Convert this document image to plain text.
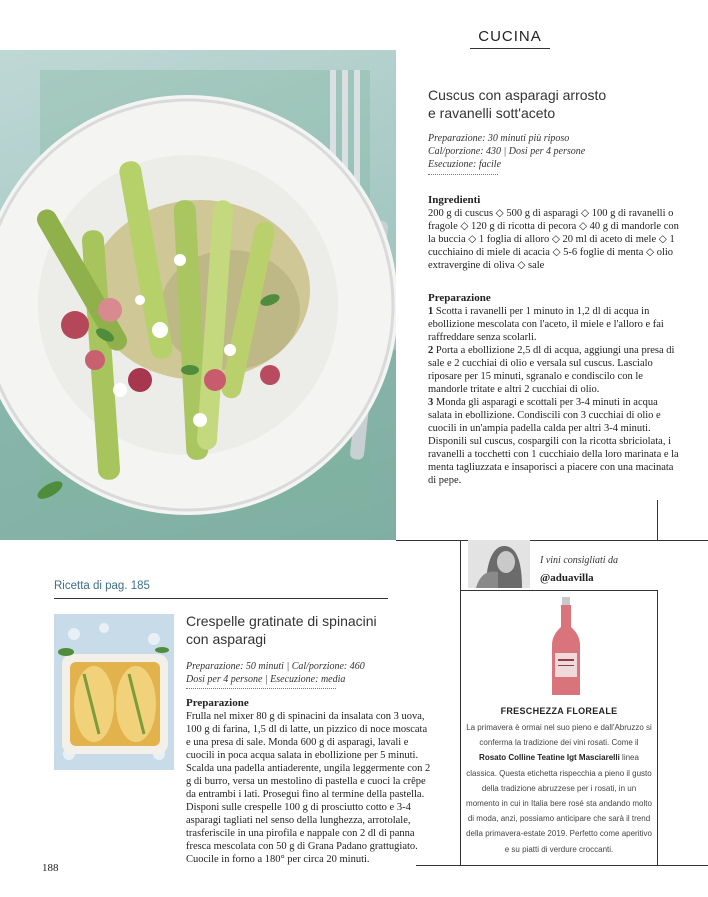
CUCINA
Cuscus con asparagi arrosto
e ravanelli sott'aceto
Preparazione: 30 minuti più riposo
Cal/porzione: 430 | Dosi per 4 persone
Esecuzione: facile
Ingredienti
200 g di cuscus ◇ 500 g di asparagi ◇ 100 g di ravanelli o fragole ◇ 120 g di ricotta di pecora ◇ 40 g di mandorle con la buccia ◇ 1 foglia di alloro ◇ 20 ml di aceto di mele ◇ 1 cucchiaino di miele di acacia ◇ 5-6 foglie di menta ◇ olio extravergine di oliva ◇ sale
Preparazione

1 Scotta i ravanelli per 1 minuto in 1,2 dl di acqua in ebollizione mescolata con l'aceto, il miele e l'alloro e fai raffreddare senza scolarli.

2 Porta a ebollizione 2,5 dl di acqua, aggiungi una presa di sale e 2 cucchiai di olio e versala sul cuscus. Lascialo riposare per 15 minuti, sgranalo e condiscilo con le mandorle tritate e altri 2 cucchiai di olio.

3 Monda gli asparagi e scottali per 3-4 minuti in acqua salata in ebollizione. Condiscili con 3 cucchiai di olio e cuocili in un'ampia padella calda per altri 3-4 minuti. Disponili sul cuscus, cospargili con la ricotta sbriciolata, i ravanelli a tocchetti con 1 cucchiaio della loro marinata e la menta tagliuzzata e insaporisci a piacere con una macinata di pepe.

Ricetta di pag. 185
Crespelle gratinate di spinacini
con asparagi
Preparazione: 50 minuti | Cal/porzione: 460
Dosi per 4 persone | Esecuzione: media
Preparazione
Frulla nel mixer 80 g di spinacini da insalata con 3 uova, 100 g di farina, 1,5 dl di latte, un pizzico di noce moscata e una presa di sale. Monda 600 g di asparagi, lavali e cuocili in poca acqua salata in ebollizione per 5 minuti. Scalda una padella antiaderente, ungila leggermente con 2 g di burro, versa un mestolino di pastella e cuoci la crêpe da entrambi i lati. Prosegui fino al termine della pastella. Disponi sulle crespelle 100 g di prosciutto cotto e 3-4 asparagi tagliati nel senso della lunghezza, arrotolale, trasferiscile in una pirofila e nappale con 2 dl di panna fresca mescolata con 50 g di Grana Padano grattugiato. Cuocile in forno a 180° per circa 20 minuti.
I vini consigliati da
@aduavilla
FRESCHEZZA FLOREALE
La primavera è ormai nel suo pieno e dall'Abruzzo si conferma la tradizione dei vini rosati. Come il Rosato Colline Teatine Igt Masciarelli linea classica. Questa etichetta rispecchia a pieno il gusto della tradizione abruzzese per i rosati, in un momento in cui in Italia bere rosé sta andando molto di moda, anzi, possiamo anticipare che sarà il trend della primavera-estate 2019. Perfetto come aperitivo e su piatti di verdure croccanti.
188
